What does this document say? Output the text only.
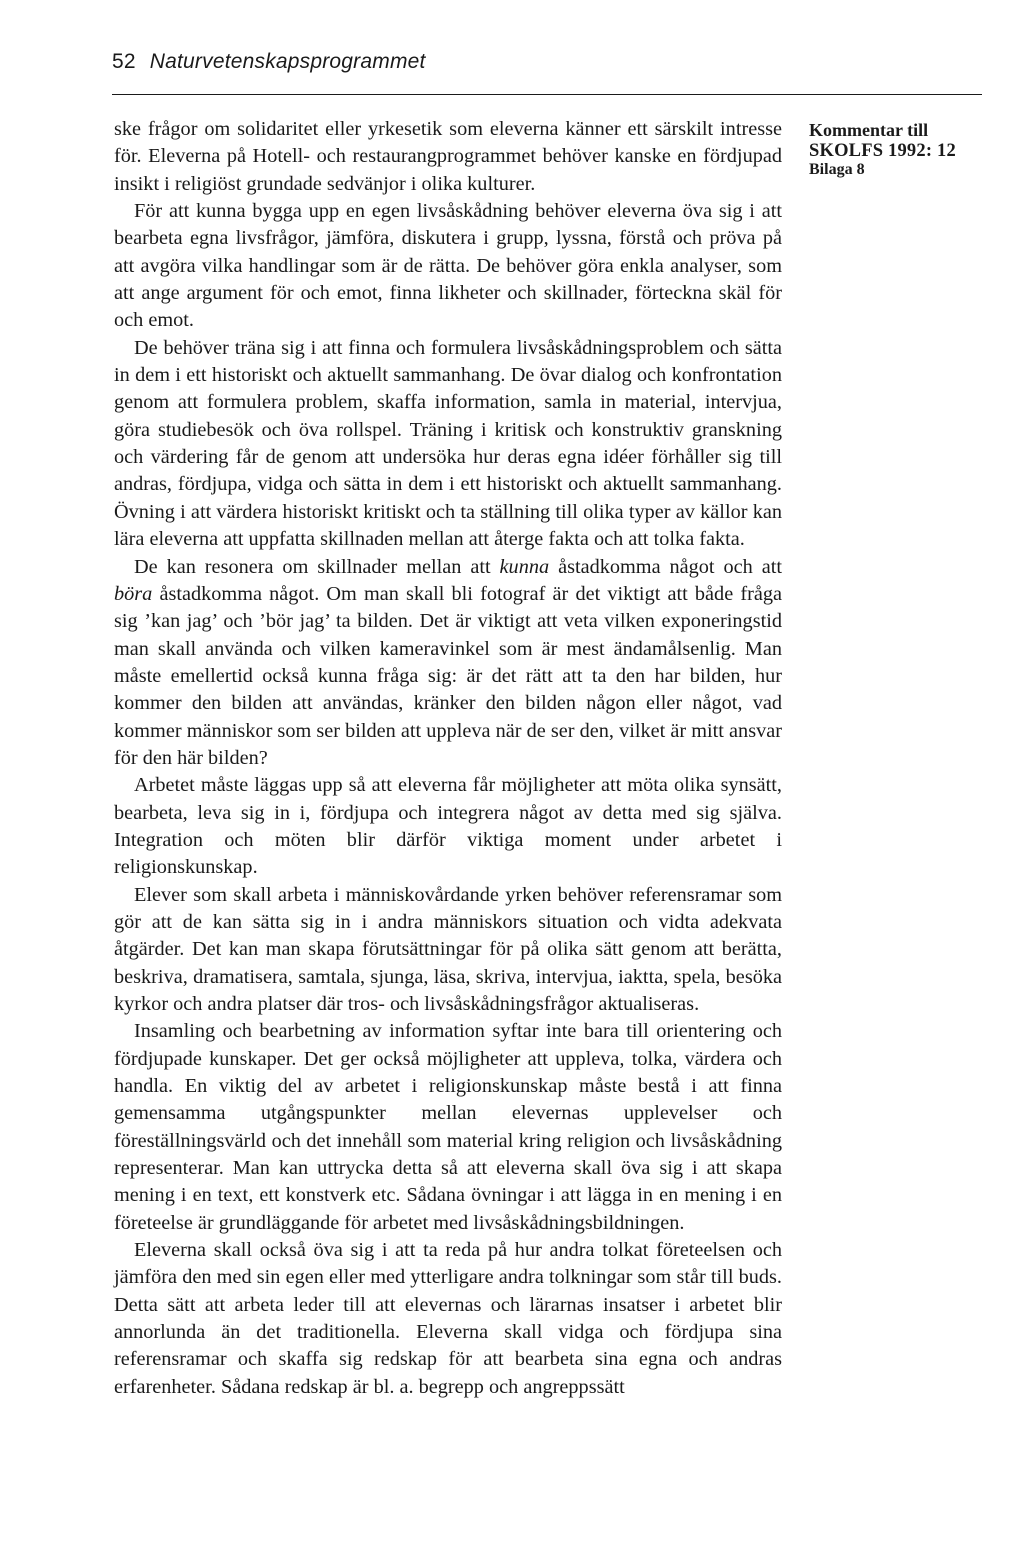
52 Naturvetenskapsprogrammet
Kommentar till
SKOLFS 1992: 12
Bilaga 8

ske frågor om solidaritet eller yrkesetik som eleverna känner ett särskilt intresse för. Eleverna på Hotell- och restaurangprogrammet behöver kanske en fördjupad insikt i religiöst grundade sedvänjor i olika kulturer.

För att kunna bygga upp en egen livsåskådning behöver eleverna öva sig i att bearbeta egna livsfrågor, jämföra, diskutera i grupp, lyssna, förstå och pröva på att avgöra vilka handlingar som är de rätta. De behöver göra enkla analyser, som att ange argument för och emot, finna likheter och skillnader, förteckna skäl för och emot.

De behöver träna sig i att finna och formulera livsåskådningsproblem och sätta in dem i ett historiskt och aktuellt sammanhang. De övar dialog och konfrontation genom att formulera problem, skaffa information, samla in material, intervjua, göra studiebesök och öva rollspel. Träning i kritisk och konstruktiv granskning och värdering får de genom att undersöka hur deras egna idéer förhåller sig till andras, fördjupa, vidga och sätta in dem i ett historiskt och aktuellt sammanhang. Övning i att värdera historiskt kritiskt och ta ställning till olika typer av källor kan lära eleverna att uppfatta skillnaden mellan att återge fakta och att tolka fakta.

De kan resonera om skillnader mellan att kunna åstadkomma något och att böra åstadkomma något. Om man skall bli fotograf är det viktigt att både fråga sig ’kan jag’ och ’bör jag’ ta bilden. Det är viktigt att veta vilken exponeringstid man skall använda och vilken kameravinkel som är mest ändamålsenlig. Man måste emellertid också kunna fråga sig: är det rätt att ta den har bilden, hur kommer den bilden att användas, kränker den bilden någon eller något, vad kommer människor som ser bilden att uppleva när de ser den, vilket är mitt ansvar för den här bilden?

Arbetet måste läggas upp så att eleverna får möjligheter att möta olika synsätt, bearbeta, leva sig in i, fördjupa och integrera något av detta med sig själva. Integration och möten blir därför viktiga moment under arbetet i religionskunskap.

Elever som skall arbeta i människovårdande yrken behöver referensramar som gör att de kan sätta sig in i andra människors situation och vidta adekvata åtgärder. Det kan man skapa förutsättningar för på olika sätt genom att berätta, beskriva, dramatisera, samtala, sjunga, läsa, skriva, intervjua, iaktta, spela, besöka kyrkor och andra platser där tros- och livsåskådningsfrågor aktualiseras.

Insamling och bearbetning av information syftar inte bara till orientering och fördjupade kunskaper. Det ger också möjligheter att uppleva, tolka, värdera och handla. En viktig del av arbetet i religionskunskap måste bestå i att finna gemensamma utgångspunkter mellan elevernas upplevelser och föreställningsvärld och det innehåll som material kring religion och livsåskådning representerar. Man kan uttrycka detta så att eleverna skall öva sig i att skapa mening i en text, ett konstverk etc. Sådana övningar i att lägga in en mening i en företeelse är grundläggande för arbetet med livsåskådningsbildningen.

Eleverna skall också öva sig i att ta reda på hur andra tolkat företeelsen och jämföra den med sin egen eller med ytterligare andra tolkningar som står till buds. Detta sätt att arbeta leder till att elevernas och lärarnas insatser i arbetet blir annorlunda än det traditionella. Eleverna skall vidga och fördjupa sina referensramar och skaffa sig redskap för att bearbeta sina egna och andras erfarenheter. Sådana redskap är bl. a. begrepp och angreppssätt
